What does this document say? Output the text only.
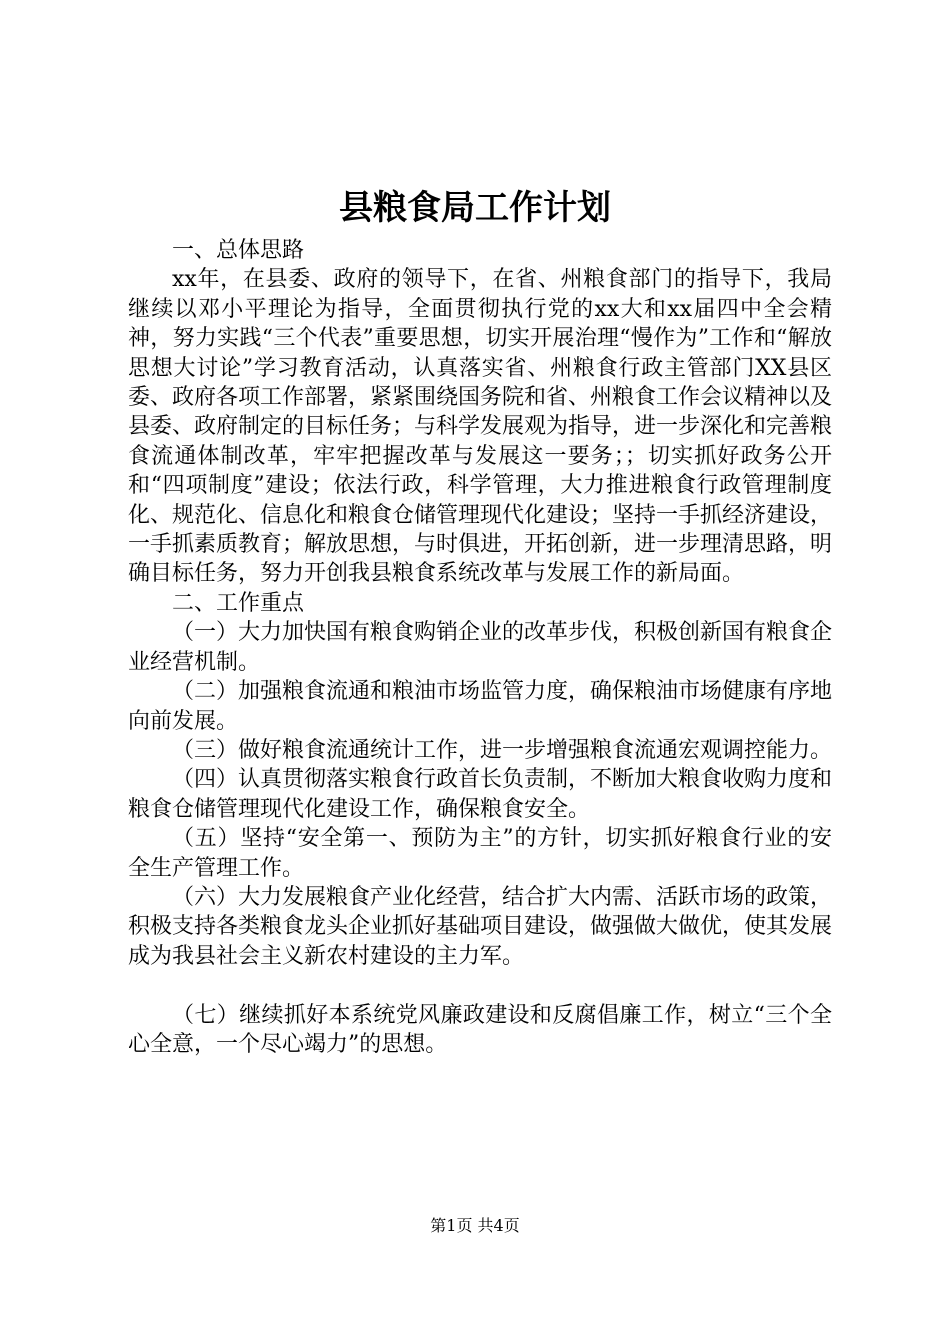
县粮食局工作计划

一、总体思路

xx年，在县委、政府的领导下，在省、州粮食部门的指导下，我局继续以邓小平理论为指导，全面贯彻执行党的xx大和xx届四中全会精神，努力实践“三个代表”重要思想，切实开展治理“慢作为”工作和“解放思想大讨论”学习教育活动，认真落实省、州粮食行政主管部门XX县区委、政府各项工作部署，紧紧围绕国务院和省、州粮食工作会议精神以及县委、政府制定的目标任务；与科学发展观为指导，进一步深化和完善粮食流通体制改革，牢牢把握改革与发展这一要务；；切实抓好政务公开和“四项制度”建设；依法行政，科学管理，大力推进粮食行政管理制度化、规范化、信息化和粮食仓储管理现代化建设；坚持一手抓经济建设，一手抓素质教育；解放思想，与时俱进，开拓创新，进一步理清思路，明确目标任务，努力开创我县粮食系统改革与发展工作的新局面。

二、工作重点

（一）大力加快国有粮食购销企业的改革步伐，积极创新国有粮食企业经营机制。

（二）加强粮食流通和粮油市场监管力度，确保粮油市场健康有序地向前发展。

（三）做好粮食流通统计工作，进一步增强粮食流通宏观调控能力。

（四）认真贯彻落实粮食行政首长负责制，不断加大粮食收购力度和粮食仓储管理现代化建设工作，确保粮食安全。

（五）坚持“安全第一、预防为主”的方针，切实抓好粮食行业的安全生产管理工作。

（六）大力发展粮食产业化经营，结合扩大内需、活跃市场的政策，积极支持各类粮食龙头企业抓好基础项目建设，做强做大做优，使其发展成为我县社会主义新农村建设的主力军。

（七）继续抓好本系统党风廉政建设和反腐倡廉工作，树立“三个全心全意，一个尽心竭力”的思想。

第1页 共4页
